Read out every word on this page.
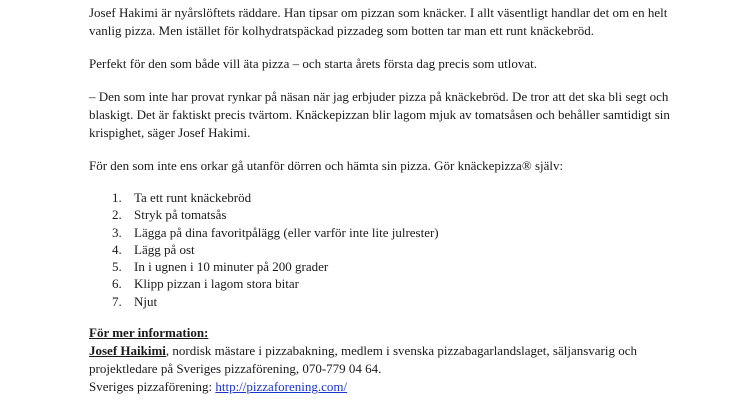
Josef Hakimi är nyårslöftets räddare. Han tipsar om pizzan som knäcker. I allt väsentligt handlar det om en helt vanlig pizza. Men istället för kolhydratspäckad pizzadeg som botten tar man ett runt knäckebröd.

Perfekt för den som både vill äta pizza – och starta årets första dag precis som utlovat.

– Den som inte har provat rynkar på näsan när jag erbjuder pizza på knäckebröd. De tror att det ska bli segt och blaskigt. Det är faktiskt precis tvärtom. Knäckepizzan blir lagom mjuk av tomatsåsen och behåller samtidigt sin krispighet, säger Josef Hakimi.

För den som inte ens orkar gå utanför dörren och hämta sin pizza. Gör knäckepizza® själv:

1. Ta ett runt knäckebröd
2. Stryk på tomatsås
3. Lägga på dina favoritpålägg (eller varför inte lite julrester)
4. Lägg på ost
5. In i ugnen i 10 minuter på 200 grader
6. Klipp pizzan i lagom stora bitar
7. Njut

För mer information:

Josef Haikimi, nordisk mästare i pizzabakning, medlem i svenska pizzabagarlandslaget, säljansvarig och projektledare på Sveriges pizzaförening, 070-779 04 64.

Sveriges pizzaförening: http://pizzaforening.com/
